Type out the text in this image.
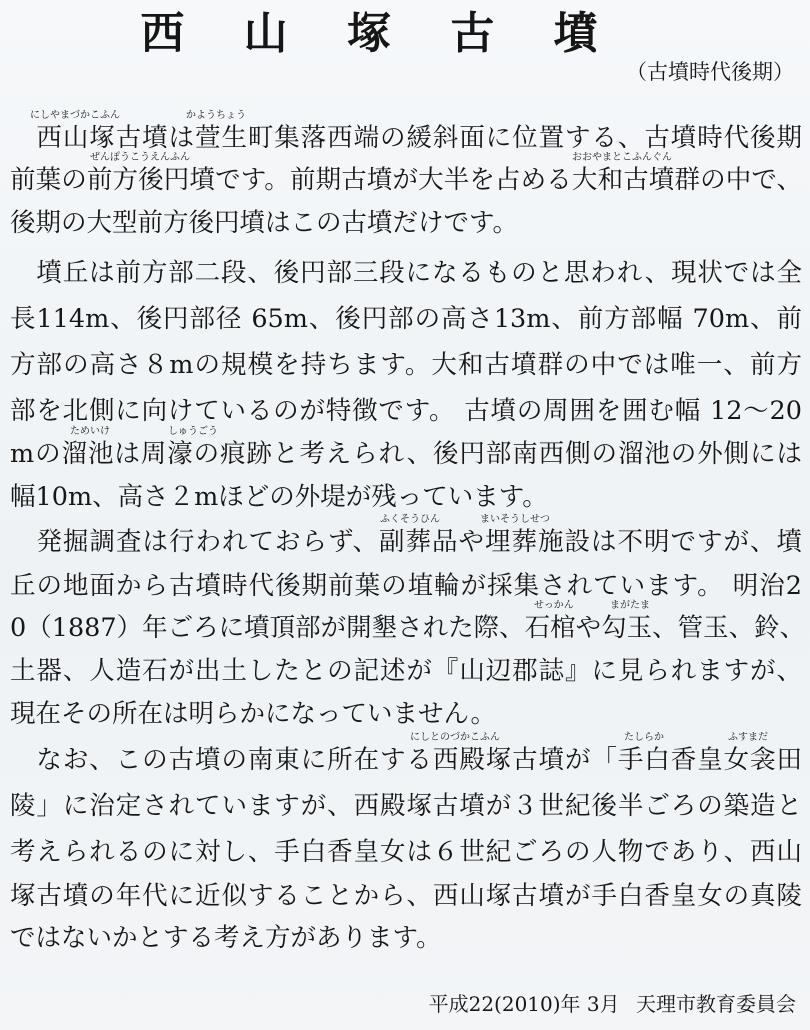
西 山 塚 古 墳
（古墳時代後期）
にしやまづかこふん	かようちょう
　西山塚古墳は萱生町集落西端の緩斜面に位置する、古墳時代後期
ぜんぽうこうえんふん	おおやまとこふんぐん
前葉の前方後円墳です。前期古墳が大半を占める大和古墳群の中で、
後期の大型前方後円墳はこの古墳だけです。
　墳丘は前方部二段、後円部三段になるものと思われ、現状では全
長114m、後円部径 65m、後円部の高さ13m、前方部幅 70m、前
方部の高さ８mの規模を持ちます。大和古墳群の中では唯一、前方
部を北側に向けているのが特徴です。 古墳の周囲を囲む幅 12～20
ためいけ	しゅうごう
mの溜池は周濠の痕跡と考えられ、後円部南西側の溜池の外側には
幅10m、高さ２mほどの外堤が残っています。
ふくそうひん	まいそうしせつ
　発掘調査は行われておらず、副葬品や埋葬施設は不明ですが、墳
丘の地面から古墳時代後期前葉の埴輪が採集されています。 明治2
せっかん	まがたま
0（1887）年ごろに墳頂部が開墾された際、石棺や勾玉、管玉、鈴、
土器、人造石が出土したとの記述が『山辺郡誌』に見られますが、
現在その所在は明らかになっていません。
にしとのづかこふん	たしらか	ふすまだ
　なお、この古墳の南東に所在する西殿塚古墳が「手白香皇女衾田
陵」に治定されていますが、西殿塚古墳が３世紀後半ごろの築造と
考えられるのに対し、手白香皇女は６世紀ごろの人物であり、西山
塚古墳の年代に近似することから、西山塚古墳が手白香皇女の真陵
ではないかとする考え方があります。
平成22(2010)年 3月 天理市教育委員会
